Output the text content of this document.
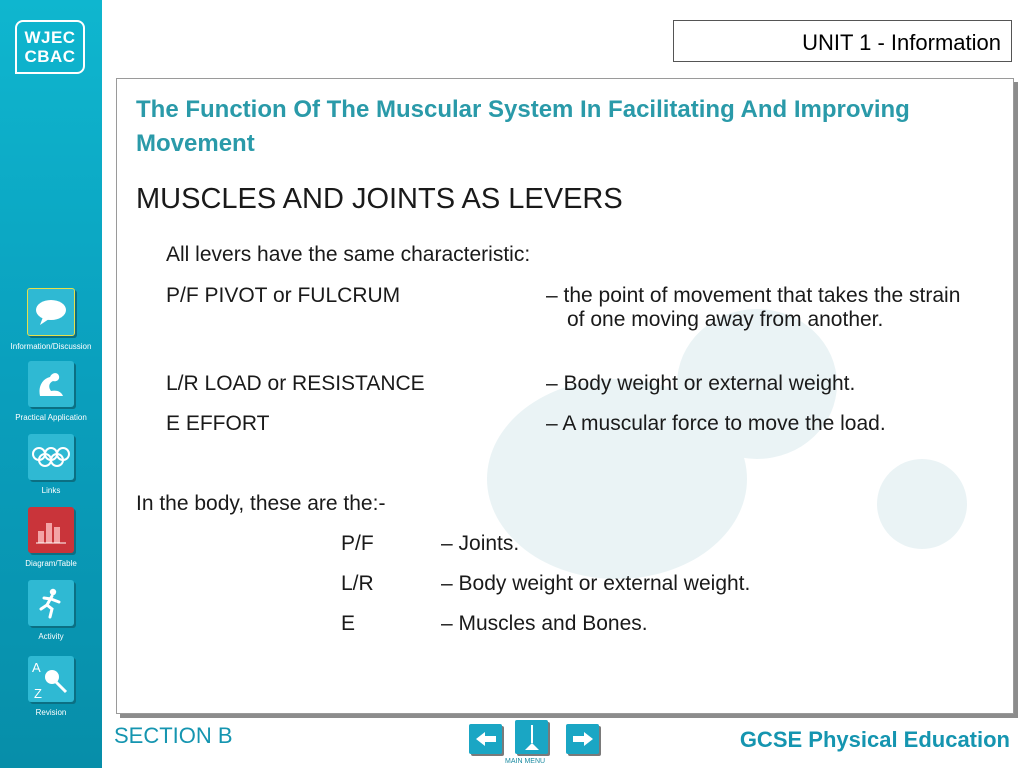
WJEC
CBAC
Information/Discussion
Practical Application
Links
Diagram/Table
Activity
A
Z
Revision
UNIT 1 - Information
The Function Of The Muscular System In Facilitating And Improving Movement
MUSCLES AND JOINTS AS LEVERS
All levers have the same characteristic:
P/F PIVOT or FULCRUM	– the point of movement that takes the strain of one moving away from another.
L/R LOAD or RESISTANCE	– Body weight or external weight.
E EFFORT	– A muscular force to move the load.
In the body, these are the:-
P/F	– Joints.
L/R	– Body weight or external weight.
E	– Muscles and Bones.
SECTION B
MAIN MENU
GCSE Physical Education
